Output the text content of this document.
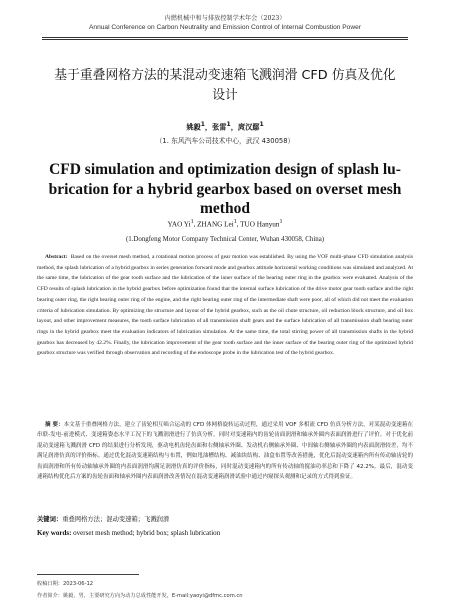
内燃机械中和与排放控制学术年会（2023）
Annual Conference on Carbon Neutrality and Emission Control of Internal Combustion Power
基于重叠网格方法的某混动变速箱飞溅润滑 CFD 仿真及优化
设计
姚毅$^1$，张雷$^1$，庹汉鄢$^1$
（1. 东风汽车公司技术中心，武汉 430058）
CFD simulation and optimization design of splash lu-
brication for a hybrid gearbox based on overset mesh
method
YAO Yi$^1$, ZHANG Lei$^1$, TUO Hanyun$^1$
(1.Dongfeng Motor Company Technical Center, Wuhan 430058, China)
Abstract: Based on the overset mesh method, a rotational motion process of gear motion was established. By using the VOF multi-phase CFD simulation analysis method, the splash lubrication of a hybrid gearbox in series generation forward mode and gearbox attitude horizontal working conditions was simulated and analyzed. At the same time, the lubrication of the gear tooth surface and the lubrication of the inner surface of the bearing outer ring in the gearbox were evaluated. Analysis of the CFD results of splash lubrication in the hybrid gearbox before optimization found that the internal surface lubrication of the drive motor gear tooth surface and the right bearing outer ring, the right bearing outer ring of the engine, and the right bearing outer ring of the intermediate shaft were poor, all of which did not meet the evaluation criteria of lubrication simulation. By optimizing the structure and layout of the hybrid gearbox, such as the oil chute structure, oil reduction block structure, and oil box layout, and other improvement measures, the tooth surface lubrication of all transmission shaft gears and the surface lubrication of all transmission shaft bearing outer rings in the hybrid gearbox meet the evaluation indicators of lubrication simulation. At the same time, the total stirring power of all transmission shafts in the hybrid gearbox has decreased by 42.2%. Finally, the lubrication improvement of the gear tooth surface and the inner surface of the bearing outer ring of the optimized hybrid gearbox structure was verified through observation and recording of the endoscope probe in the lubrication test of the hybrid gearbox.
摘 要：本文基于重叠网格方法，建立了齿轮相互啮合运动的 CFD 体网格旋转运动过程，通过采用 VOF 多相流 CFD 仿真分析方法，对某混动变速箱在串联-发电-前进模式、变速箱姿态水平工况下的飞溅润滑进行了仿真分析，同时对变速箱内的齿轮齿面润滑和轴承外圈内表面润滑进行了评价。对于优化前混动变速箱飞溅润滑 CFD 的结果进行分析发现，驱动电机齿轮齿面和右侧轴承外圈、发动机右侧轴承外圈、中间轴右侧轴承外圈的内表面润滑较差，均不满足润滑仿真的评价指标。通过优化混动变速箱结构与布置，例如甩油槽结构、减油块结构、油盒布置等改善措施，优化后混动变速箱内所有传动轴齿轮的齿面润滑和所有传动轴轴承外圈的内表面润滑均满足润滑仿真的评价指标，同时混动变速箱内的所有传动轴的搅油功率总和下降了 42.2%。最后，混动变速箱结构优化后方案的齿轮齿面和轴承外圈内表面润滑改善情况在混动变速箱润滑试验中通过内窥探头观测和记录的方式得到验证。
关键词：重叠网格方法；混动变速箱；飞溅润滑
Key words: overset mesh method; hybrid box; splash lubrication
收稿日期：2023-06-12
作者简介：姚毅，男，主要研究方向为动力总成性能开发，E-mail:yaoyi@dfmc.com.cn
